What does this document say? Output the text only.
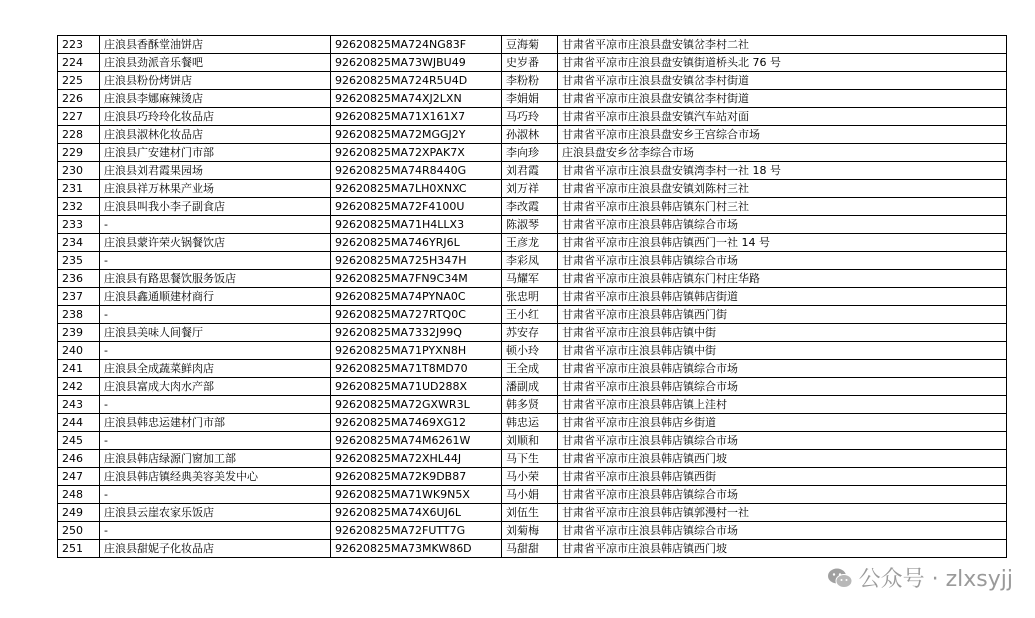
223	庄浪县香酥堂油饼店	92620825MA724NG83F	豆海菊	甘肃省平凉市庄浪县盘安镇岔李村二社
224	庄浪县劲派音乐餐吧	92620825MA73WJBU49	史岁番	甘肃省平凉市庄浪县盘安镇街道桥头北 76 号
225	庄浪县粉份烤饼店	92620825MA724R5U4D	李粉粉	甘肃省平凉市庄浪县盘安镇岔李村街道
226	庄浪县李娜麻辣烫店	92620825MA74XJ2LXN	李娟娟	甘肃省平凉市庄浪县盘安镇岔李村街道
227	庄浪县巧玲玲化妆品店	92620825MA71X161X7	马巧玲	甘肃省平凉市庄浪县盘安镇汽车站对面
228	庄浪县淑林化妆品店	92620825MA72MGGJ2Y	孙淑林	甘肃省平凉市庄浪县盘安乡王宫综合市场
229	庄浪县广安建材门市部	92620825MA72XPAK7X	李向珍	庄浪县盘安乡岔李综合市场
230	庄浪县刘君霞果园场	92620825MA74R8440G	刘君霞	甘肃省平凉市庄浪县盘安镇湾李村一社 18 号
231	庄浪县祥万林果产业场	92620825MA7LH0XNXC	刘万祥	甘肃省平凉市庄浪县盘安镇刘陈村三社
232	庄浪县叫我小李子副食店	92620825MA72F4100U	李改霞	甘肃省平凉市庄浪县韩店镇东门村三社
233	-	92620825MA71H4LLX3	陈淑琴	甘肃省平凉市庄浪县韩店镇综合市场
234	庄浪县蒙许荣火锅餐饮店	92620825MA746YRJ6L	王彦龙	甘肃省平凉市庄浪县韩店镇西门一社 14 号
235	-	92620825MA725H347H	李彩凤	甘肃省平凉市庄浪县韩店镇综合市场
236	庄浪县有路思餐饮服务饭店	92620825MA7FN9C34M	马耀军	甘肃省平凉市庄浪县韩店镇东门村庄华路
237	庄浪县鑫通顺建材商行	92620825MA74PYNA0C	张忠明	甘肃省平凉市庄浪县韩店镇韩店街道
238	-	92620825MA727RTQ0C	王小红	甘肃省平凉市庄浪县韩店镇西门街
239	庄浪县美味人间餐厅	92620825MA7332J99Q	苏安存	甘肃省平凉市庄浪县韩店镇中街
240	-	92620825MA71PYXN8H	顿小玲	甘肃省平凉市庄浪县韩店镇中街
241	庄浪县全成蔬菜鲜肉店	92620825MA71T8MD70	王全成	甘肃省平凉市庄浪县韩店镇综合市场
242	庄浪县富成大肉水产部	92620825MA71UD288X	潘副成	甘肃省平凉市庄浪县韩店镇综合市场
243	-	92620825MA72GXWR3L	韩多贤	甘肃省平凉市庄浪县韩店镇上洼村
244	庄浪县韩忠运建材门市部	92620825MA7469XG12	韩忠运	甘肃省平凉市庄浪县韩店乡街道
245	-	92620825MA74M6261W	刘顺和	甘肃省平凉市庄浪县韩店镇综合市场
246	庄浪县韩店绿源门窗加工部	92620825MA72XHL44J	马下生	甘肃省平凉市庄浪县韩店镇西门坡
247	庄浪县韩店镇经典美容美发中心	92620825MA72K9DB87	马小荣	甘肃省平凉市庄浪县韩店镇西街
248	-	92620825MA71WK9N5X	马小娟	甘肃省平凉市庄浪县韩店镇综合市场
249	庄浪县云崖农家乐饭店	92620825MA74X6UJ6L	刘伍生	甘肃省平凉市庄浪县韩店镇郭漫村一社
250	-	92620825MA72FUTT7G	刘菊梅	甘肃省平凉市庄浪县韩店镇综合市场
251	庄浪县甜妮子化妆品店	92620825MA73MKW86D	马甜甜	甘肃省平凉市庄浪县韩店镇西门坡
公众号 · zlxsyjj
